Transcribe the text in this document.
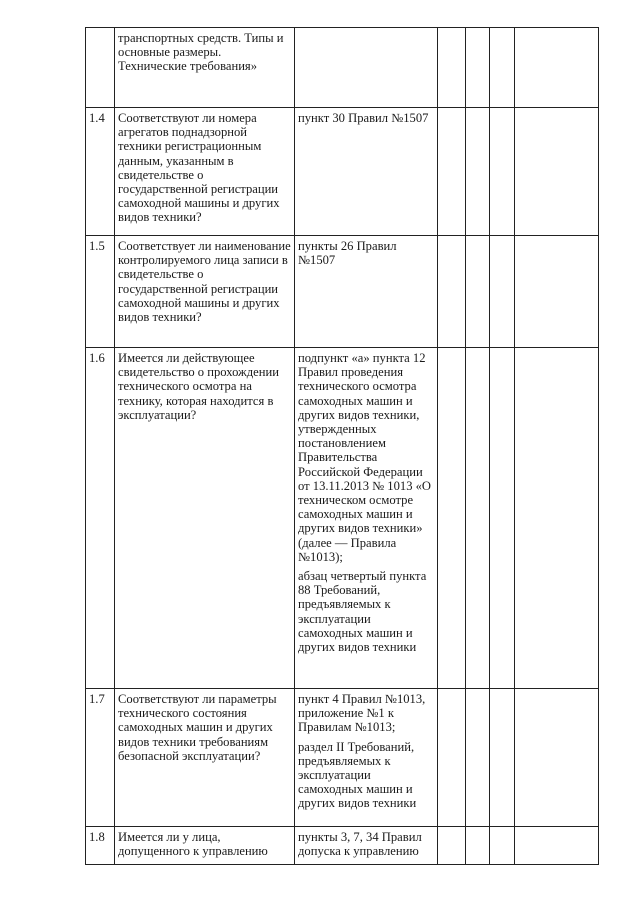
	транспортных средств. Типы и основные размеры. Технические требования»					
1.4	Соответствуют ли номера агрегатов поднадзорной техники регистрационным данным, указанным в свидетельстве о государственной регистрации самоходной машины и других видов техники?	пункт 30 Правил №1507				

1.5	Соответствует ли наименование контролируемого лица записи в свидетельстве о государственной регистрации самоходной машины и других видов техники?	пункты 26 Правил №1507				

1.6	Имеется ли действующее свидетельство о прохождении технического осмотра на технику, которая находится в эксплуатации?	подпункт «а» пункта 12 Правил проведения технического осмотра самоходных машин и других видов техники, утвержденных постановлением Правительства Российской Федерации от 13.11.2013 № 1013 «О техническом осмотре самоходных машин и других видов техники» (далее — Правила №1013);
абзац четвертый пункта 88 Требований, предъявляемых к эксплуатации самоходных машин и других видов техники				

1.7	Соответствуют ли параметры технического состояния самоходных машин и других видов техники требованиям безопасной эксплуатации?	пункт 4 Правил №1013, приложение №1 к Правилам №1013;
раздел II Требований, предъявляемых к эксплуатации самоходных машин и других видов техники				

1.8	Имеется ли у лица, допущенного к управлению	пункты 3, 7, 34 Правил допуска к управлению				
